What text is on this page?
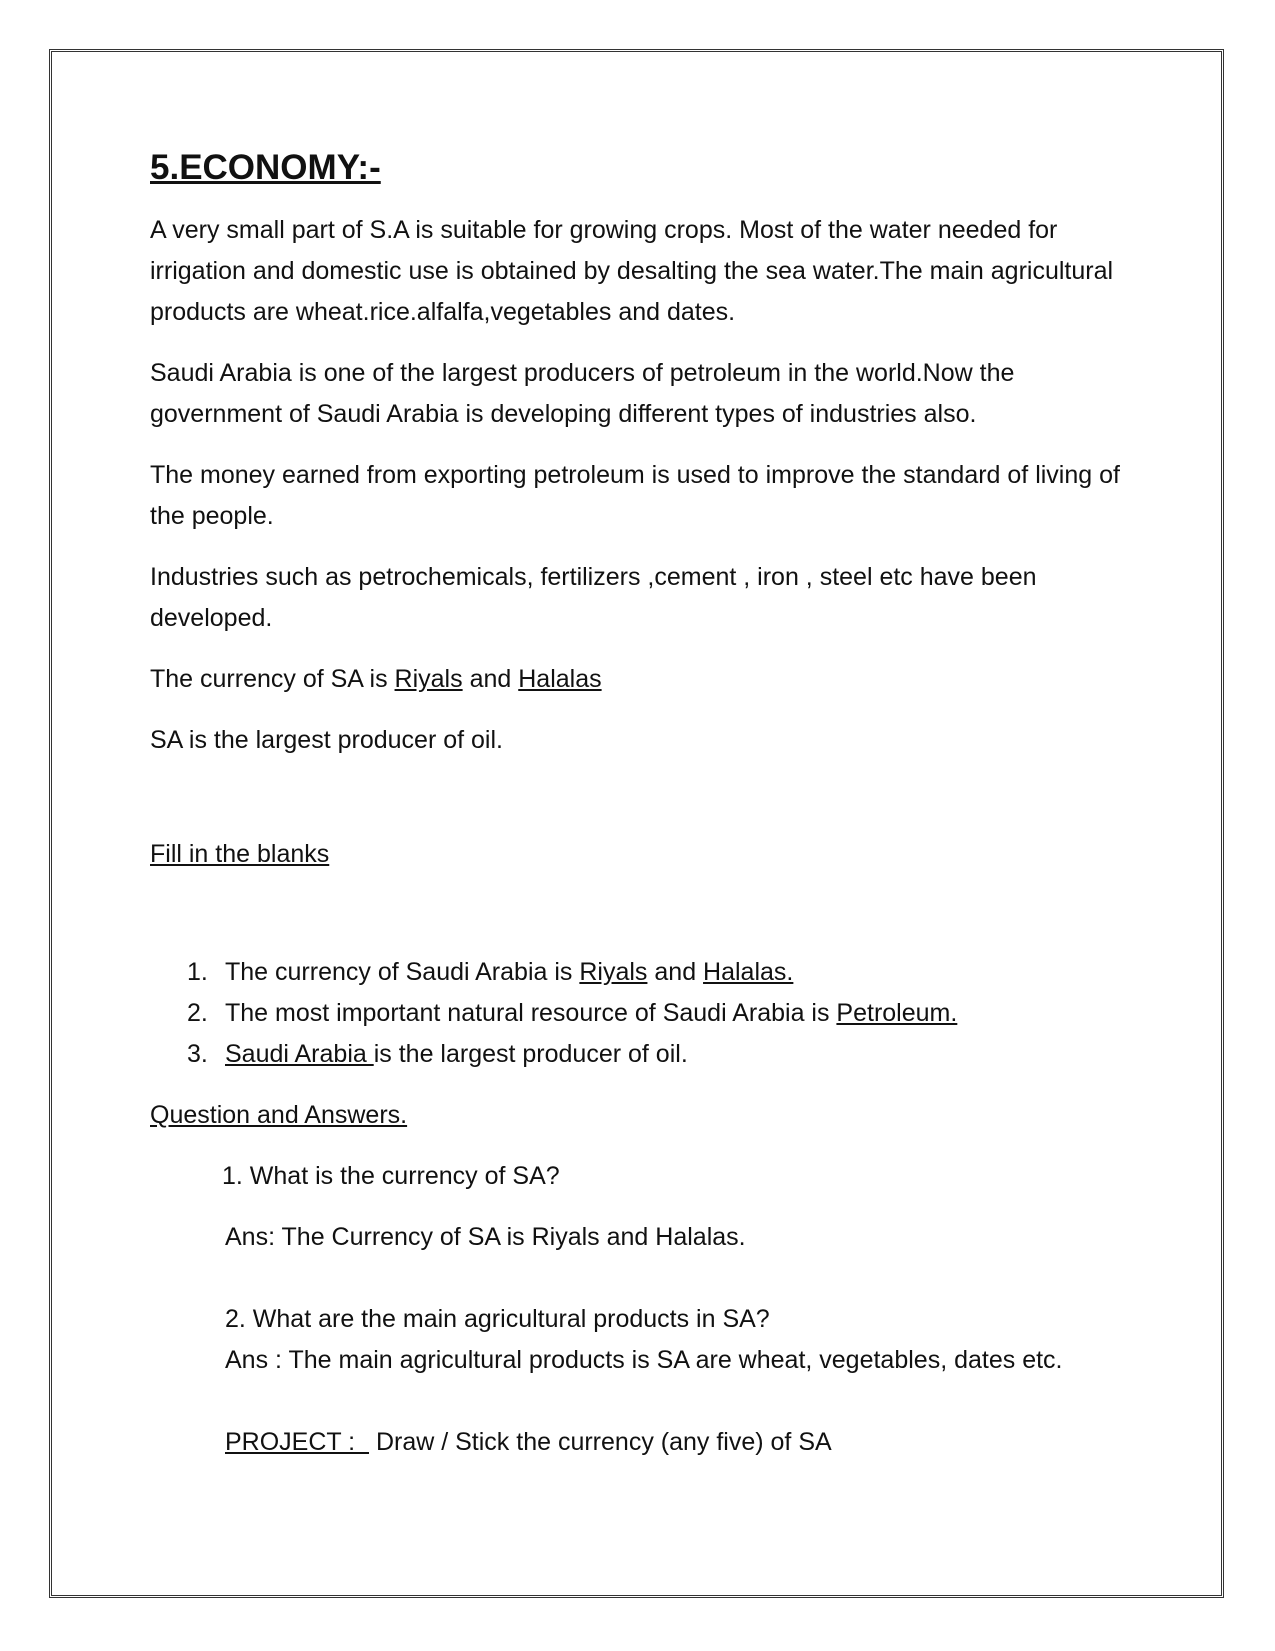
5.ECONOMY:-

A very small part of S.A is suitable for growing crops. Most of the water needed for irrigation and domestic use is obtained by desalting the sea water.The main agricultural products are wheat.rice.alfalfa,vegetables and dates.

Saudi Arabia is one of the largest producers of petroleum in the world.Now the government of Saudi Arabia is developing different types of industries also.

The money earned from exporting petroleum is used to improve the standard of living of the people.

Industries such as petrochemicals, fertilizers ,cement , iron , steel etc have been developed.

The currency of SA is Riyals and Halalas

SA is the largest producer of oil.

Fill in the blanks

1. The currency of Saudi Arabia is Riyals and Halalas.
2. The most important natural resource of Saudi Arabia is Petroleum.
3. Saudi Arabia is the largest producer of oil.

Question and Answers.

1. What is the currency of SA?

Ans: The Currency of SA is Riyals and Halalas.

2. What are the main agricultural products in SA?

Ans : The main agricultural products is SA are wheat, vegetables, dates etc.

PROJECT :   Draw / Stick the currency (any five) of SA
